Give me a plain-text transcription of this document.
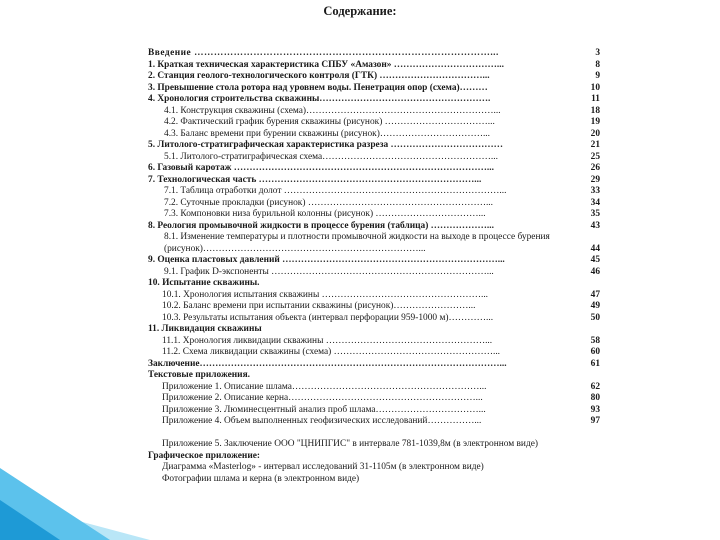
Содержание:
Введение ………………………………………………………………………………...	3
1. Краткая техническая характеристика СПБУ «Амазон» ……………………………...	8
2. Станция геолого-технологического контроля (ГТК) ……………………………...	9
3. Превышение стола ротора над уровнем воды. Пенетрация опор (схема)………	10
4. Хронология строительства скважины……………………………………………….	11
4.1. Конструкция скважины (схема)……………………………………………………...	18
4.2. Фактический график бурения скважины (рисунок) ……………………………...	19
4.3. Баланс времени при бурении скважины (рисунок)……………………………...	20
5. Литолого-стратиграфическая характеристика разреза ………………………………	21
5.1. Литолого-стратиграфическая схема………………………………………………...	25
6. Газовый каротаж ………………………………………………………………………...	26
7. Технологическая часть ……………………………………………………………...	29
7.1. Таблица отработки долот ……………………………………………………………...	33
7.2. Суточные прокладки (рисунок) …………………………………………………...	34
7.3. Компоновки низа бурильной колонны (рисунок) ……………………………...	35
8. Реология промывочной жидкости в процессе бурения (таблица) ………………...	43
8.1. Изменение температуры и плотности промывочной жидкости на выходе в процессе бурения (рисунок)……………………………………………………………...	44
9. Оценка пластовых давлений ……………………………………………………………...	45
9.1. График D-экспоненты ……………………………………………………………...	46
10. Испытание скважины.
10.1. Хронология испытания скважины ……………………………………………...	47
10.2. Баланс времени при испытании скважины (рисунок)……………………...	49
10.3. Результаты испытания объекта (интервал перфорации 959-1000 м)…………...	50
11. Ликвидация скважины
11.1. Хронология ликвидации скважины ……………………………………………...	58
11.2. Схема ликвидации скважины (схема) ……………………………………………...	60
Заключение……………………………………………………………………………………...	61
Текстовые приложения.
Приложение 1. Описание шлама……………………………………………………...	62
Приложение 2. Описание керна……………………………………………………...	80
Приложение 3. Люминесцентный анализ проб шлама……………………………...	93
Приложение 4. Объем выполненных геофизических исследований……………...	97
Приложение 5. Заключение ООО "ЦНИПГИС" в интервале 781-1039,8м (в электронном виде)
Графическое приложение:
Диаграмма «Masterlog» - интервал исследований 31-1105м (в электронном виде)
Фотографии шлама и керна (в электронном виде)
